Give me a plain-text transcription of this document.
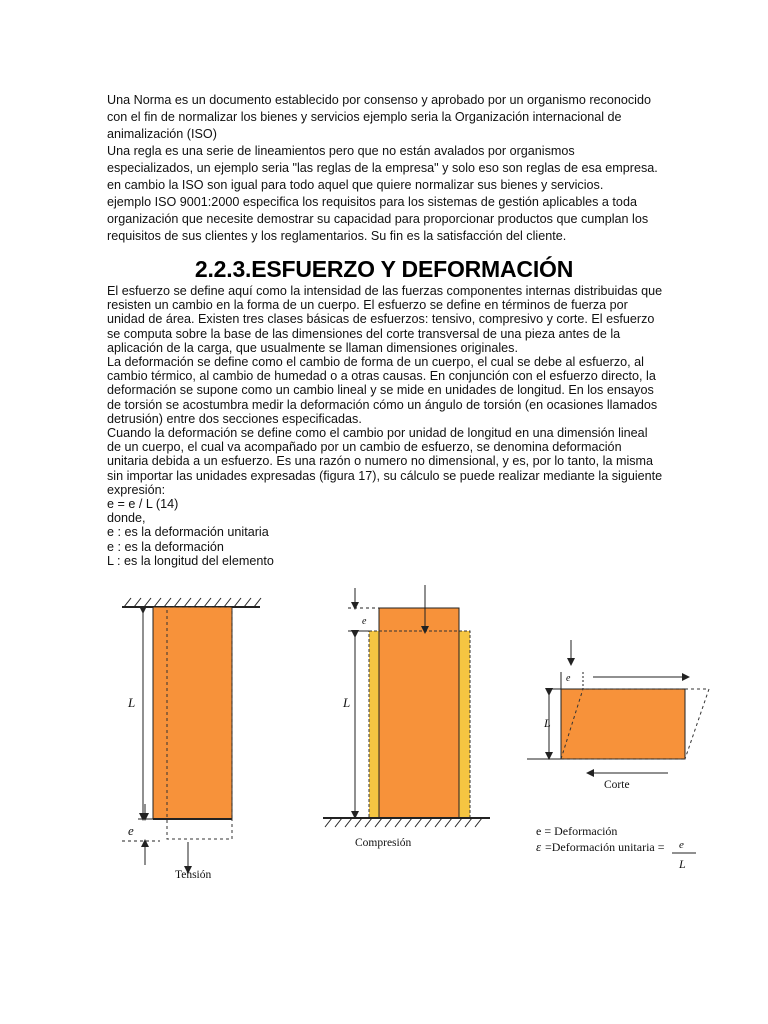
Una Norma es un documento establecido por consenso y aprobado por un organismo reconocido
con el fin de normalizar los bienes y servicios ejemplo seria la Organización internacional de
animalización (ISO)
Una regla es una serie de lineamientos pero que no están avalados por organismos
especializados, un ejemplo seria "las reglas de la empresa" y solo eso son reglas de esa empresa.
en cambio la ISO son igual para todo aquel que quiere normalizar sus bienes y servicios.
ejemplo ISO 9001:2000 especifica los requisitos para los sistemas de gestión aplicables a toda
organización que necesite demostrar su capacidad para proporcionar productos que cumplan los
requisitos de sus clientes y los reglamentarios. Su fin es la satisfacción del cliente.
2.2.3.ESFUERZO Y DEFORMACIÓN
El esfuerzo se define aquí como la intensidad de las fuerzas componentes internas distribuidas que
resisten un cambio en la forma de un cuerpo. El esfuerzo se define en términos de fuerza por
unidad de área. Existen tres clases básicas de esfuerzos: tensivo, compresivo y corte. El esfuerzo
se computa sobre la base de las dimensiones del corte transversal de una pieza antes de la
aplicación de la carga, que usualmente se llaman dimensiones originales.
La deformación se define como el cambio de forma de un cuerpo, el cual se debe al esfuerzo, al
cambio térmico, al cambio de humedad o a otras causas. En conjunción con el esfuerzo directo, la
deformación se supone como un cambio lineal y se mide en unidades de longitud. En los ensayos
de torsión se acostumbra medir la deformación cómo un ángulo de torsión (en ocasiones llamados
detrusión) entre dos secciones especificadas.
Cuando la deformación se define como el cambio por unidad de longitud en una dimensión lineal
de un cuerpo, el cual va acompañado por un cambio de esfuerzo, se denomina deformación
unitaria debida a un esfuerzo. Es una razón o numero no dimensional, y es, por lo tanto, la misma
sin importar las unidades expresadas (figura 17), su cálculo se puede realizar mediante la siguiente
expresión:
e = e / L (14)
donde,
e : es la deformación unitaria
e : es la deformación
L : es la longitud del elemento
L
e
Tensión
e
L
Compresión
L
e
Corte
e = Deformación
ε =Deformación unitaria = e
L
